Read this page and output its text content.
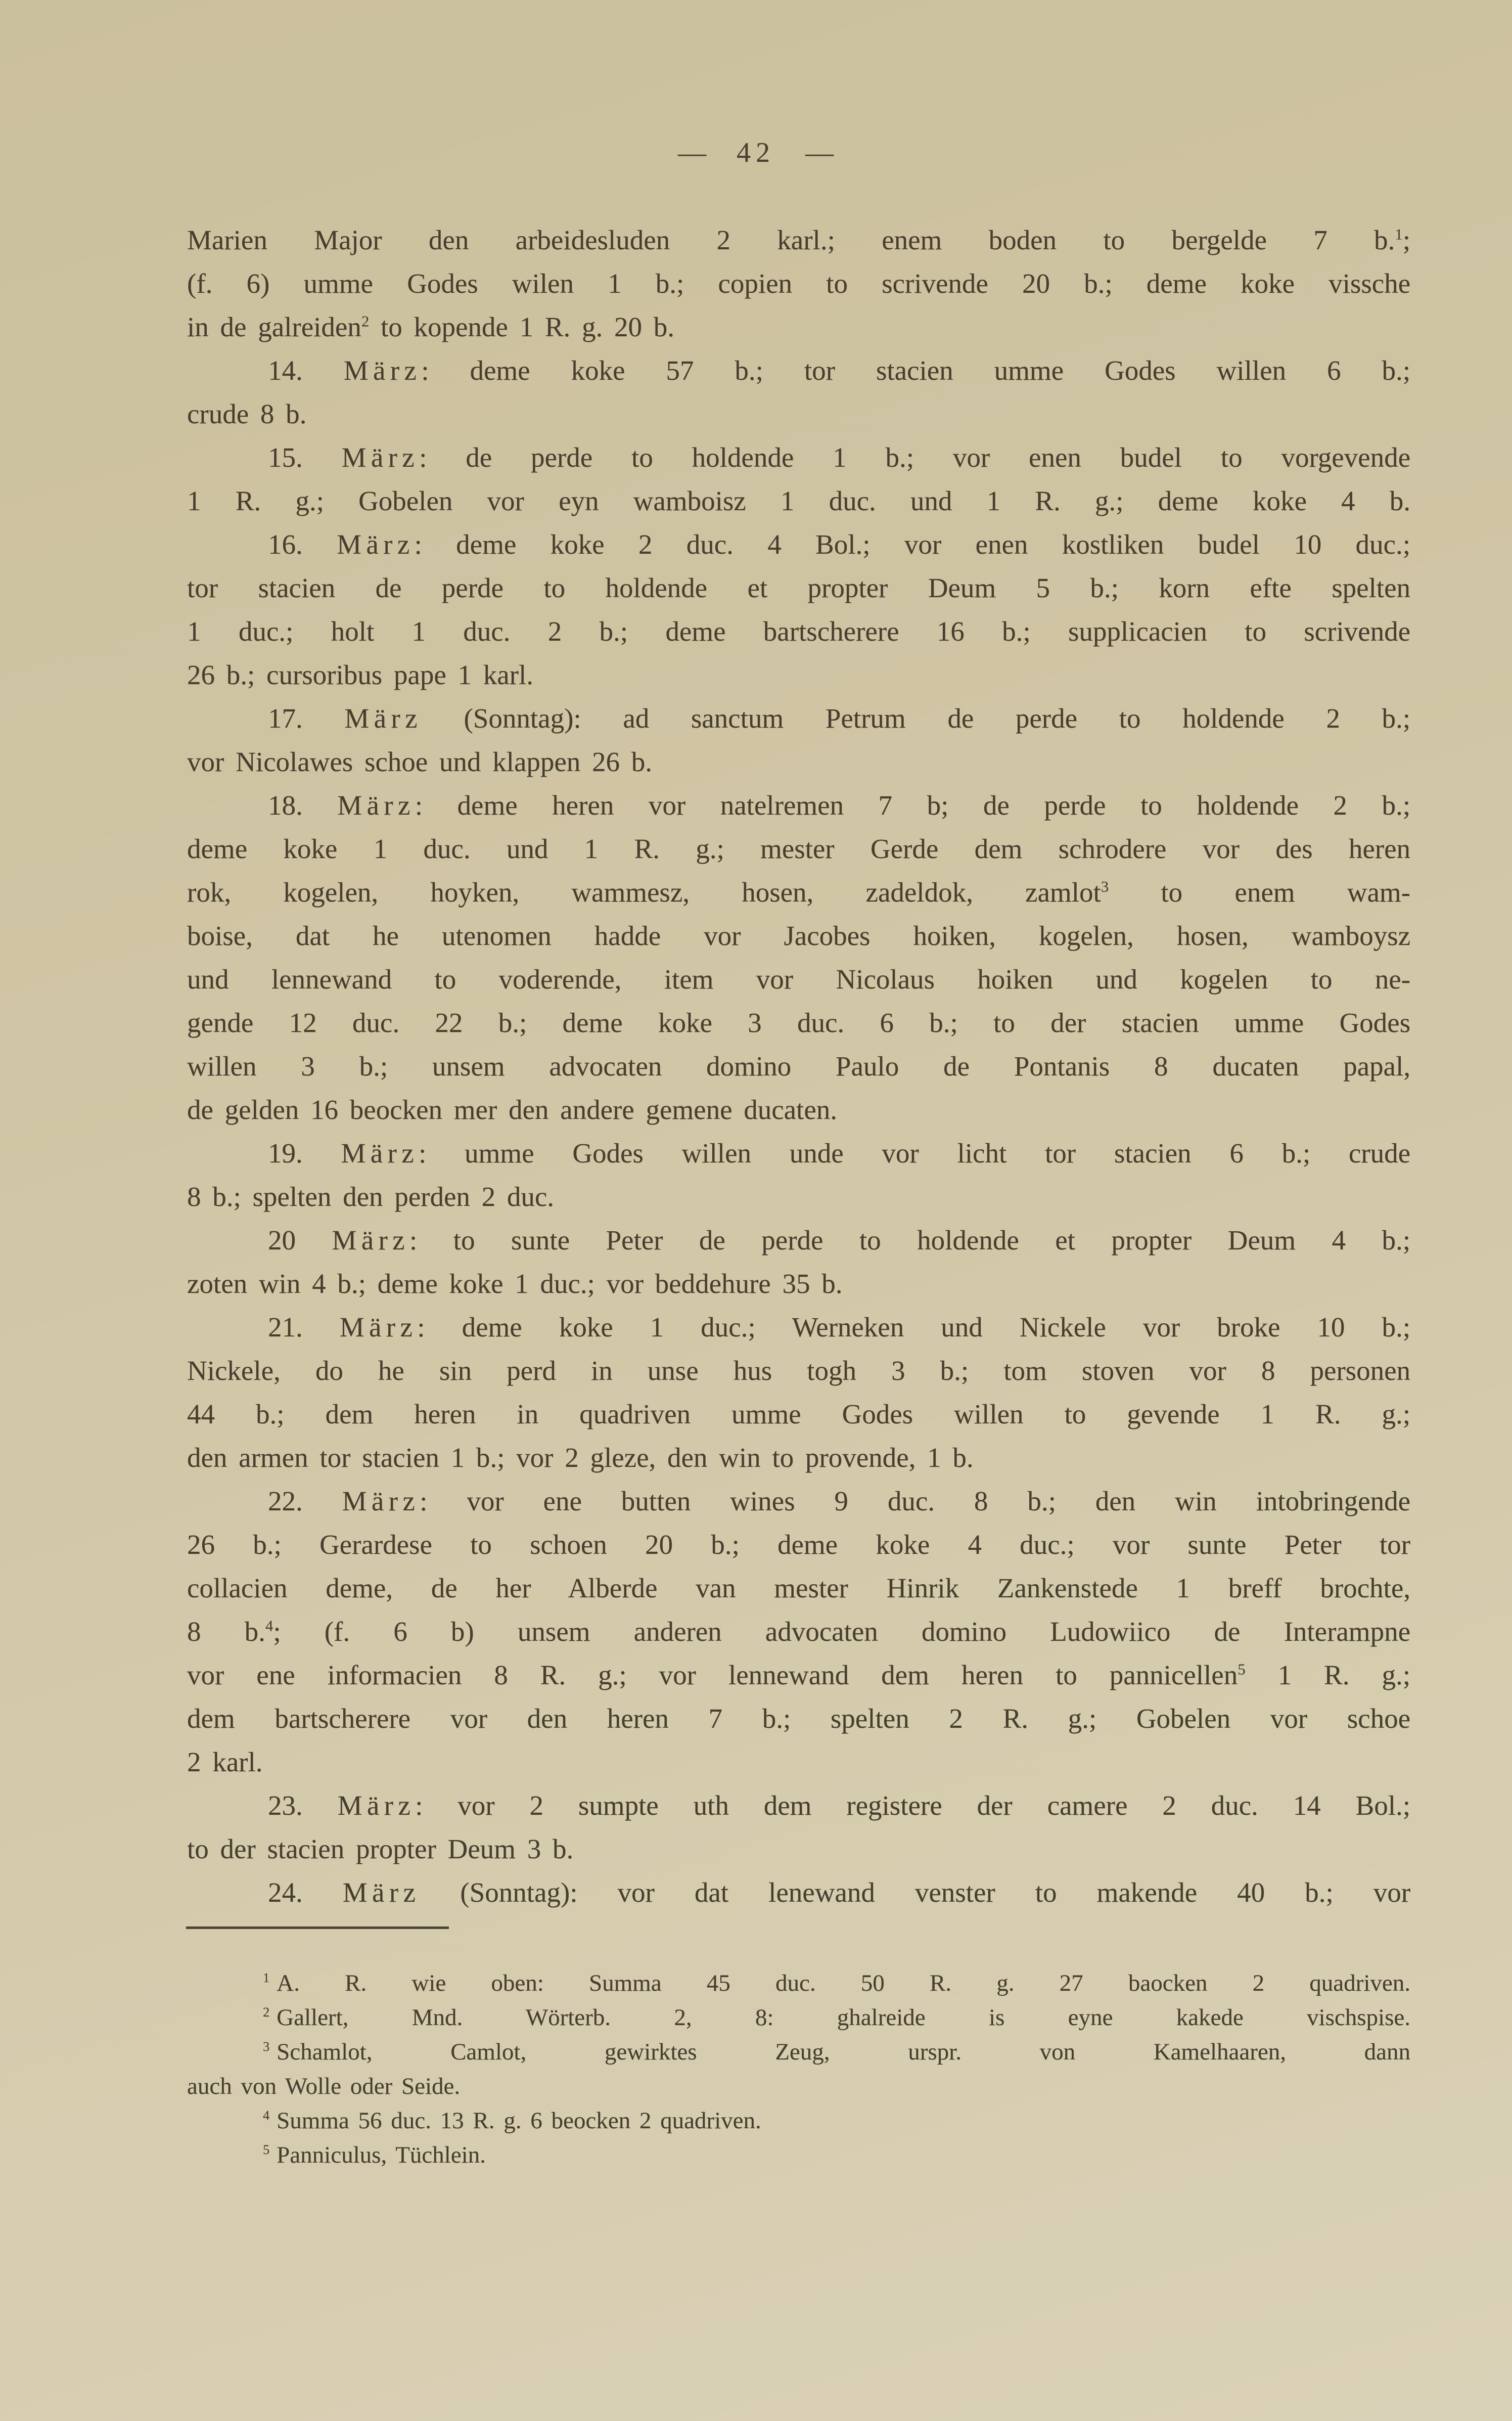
— 42 —
Marien Major den arbeidesluden 2 karl.; enem boden to bergelde 7 b.$^1$;
(f. 6) umme Godes wilen 1 b.; copien to scrivende 20 b.; deme koke vissche
in de galreiden$^2$ to kopende 1 R. g. 20 b.
14. März: deme koke 57 b.; tor stacien umme Godes willen 6 b.;
crude 8 b.
15. März: de perde to holdende 1 b.; vor enen budel to vorgevende
1 R. g.; Gobelen vor eyn wamboisz 1 duc. und 1 R. g.; deme koke 4 b.
16. März: deme koke 2 duc. 4 Bol.; vor enen kostliken budel 10 duc.;
tor stacien de perde to holdende et propter Deum 5 b.; korn efte spelten
1 duc.; holt 1 duc. 2 b.; deme bartscherere 16 b.; supplicacien to scrivende
26 b.; cursoribus pape 1 karl.
17. März (Sonntag): ad sanctum Petrum de perde to holdende 2 b.;
vor Nicolawes schoe und klappen 26 b.
18. März: deme heren vor natelremen 7 b; de perde to holdende 2 b.;
deme koke 1 duc. und 1 R. g.; mester Gerde dem schrodere vor des heren
rok, kogelen, hoyken, wammesz, hosen, zadeldok, zamlot$^3$ to enem wam-
boise, dat he utenomen hadde vor Jacobes hoiken, kogelen, hosen, wamboysz
und lennewand to voderende, item vor Nicolaus hoiken und kogelen to ne-
gende 12 duc. 22 b.; deme koke 3 duc. 6 b.; to der stacien umme Godes
willen 3 b.; unsem advocaten domino Paulo de Pontanis 8 ducaten papal,
de gelden 16 beocken mer den andere gemene ducaten.
19. März: umme Godes willen unde vor licht tor stacien 6 b.; crude
8 b.; spelten den perden 2 duc.
20 März: to sunte Peter de perde to holdende et propter Deum 4 b.;
zoten win 4 b.; deme koke 1 duc.; vor beddehure 35 b.
21. März: deme koke 1 duc.; Werneken und Nickele vor broke 10 b.;
Nickele, do he sin perd in unse hus togh 3 b.; tom stoven vor 8 personen
44 b.; dem heren in quadriven umme Godes willen to gevende 1 R. g.;
den armen tor stacien 1 b.; vor 2 gleze, den win to provende, 1 b.
22. März: vor ene butten wines 9 duc. 8 b.; den win intobringende
26 b.; Gerardese to schoen 20 b.; deme koke 4 duc.; vor sunte Peter tor
collacien deme, de her Alberde van mester Hinrik Zankenstede 1 breff brochte,
8 b.$^4$; (f. 6 b) unsem anderen advocaten domino Ludowiico de Interampne
vor ene informacien 8 R. g.; vor lennewand dem heren to pannicellen$^5$ 1 R. g.;
dem bartscherere vor den heren 7 b.; spelten 2 R. g.; Gobelen vor schoe
2 karl.
23. März: vor 2 sumpte uth dem registere der camere 2 duc. 14 Bol.;
to der stacien propter Deum 3 b.
24. März (Sonntag): vor dat lenewand venster to makende 40 b.; vor
$^1$ A. R. wie oben: Summa 45 duc. 50 R. g. 27 baocken 2 quadriven.
$^2$ Gallert, Mnd. Wörterb. 2, 8: ghalreide is eyne kakede vischspise.
$^3$ Schamlot, Camlot, gewirktes Zeug, urspr. von Kamelhaaren, dann
auch von Wolle oder Seide.
$^4$ Summa 56 duc. 13 R. g. 6 beocken 2 quadriven.
$^5$ Panniculus, Tüchlein.
